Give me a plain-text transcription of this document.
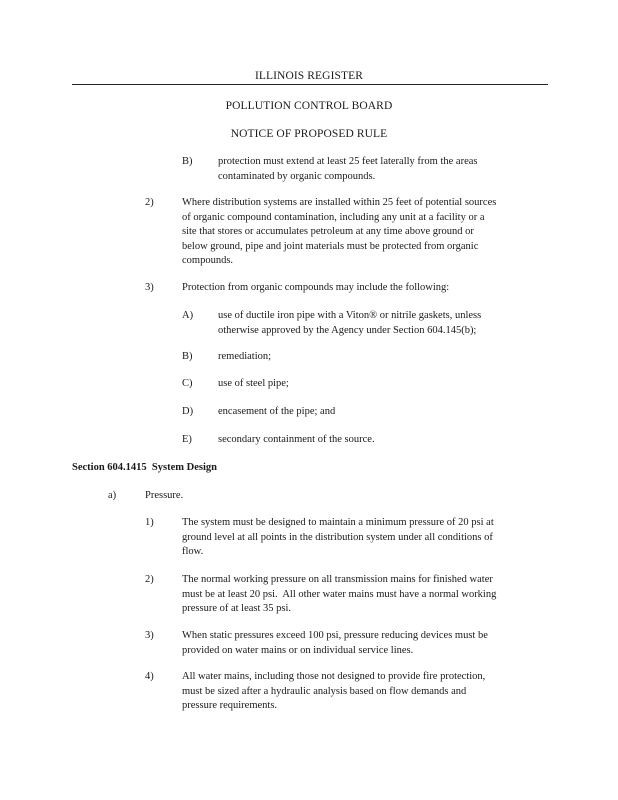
ILLINOIS REGISTER
POLLUTION CONTROL BOARD
NOTICE OF PROPOSED RULE
B) protection must extend at least 25 feet laterally from the areas
contaminated by organic compounds.
2)	Where distribution systems are installed within 25 feet of potential sources
of organic compound contamination, including any unit at a facility or a
site that stores or accumulates petroleum at any time above ground or
below ground, pipe and joint materials must be protected from organic
compounds.
3)	Protection from organic compounds may include the following:
A) use of ductile iron pipe with a Viton® or nitrile gaskets, unless
otherwise approved by the Agency under Section 604.145(b);
B) remediation;
C) use of steel pipe;
D) encasement of the pipe; and
E) secondary containment of the source.
Section 604.1415 System Design
a)	Pressure.
1)	The system must be designed to maintain a minimum pressure of 20 psi at
ground level at all points in the distribution system under all conditions of
flow.
2)	The normal working pressure on all transmission mains for finished water
must be at least 20 psi.  All other water mains must have a normal working
pressure of at least 35 psi.
3)	When static pressures exceed 100 psi, pressure reducing devices must be
provided on water mains or on individual service lines.
4)	All water mains, including those not designed to provide fire protection,
must be sized after a hydraulic analysis based on flow demands and
pressure requirements.
